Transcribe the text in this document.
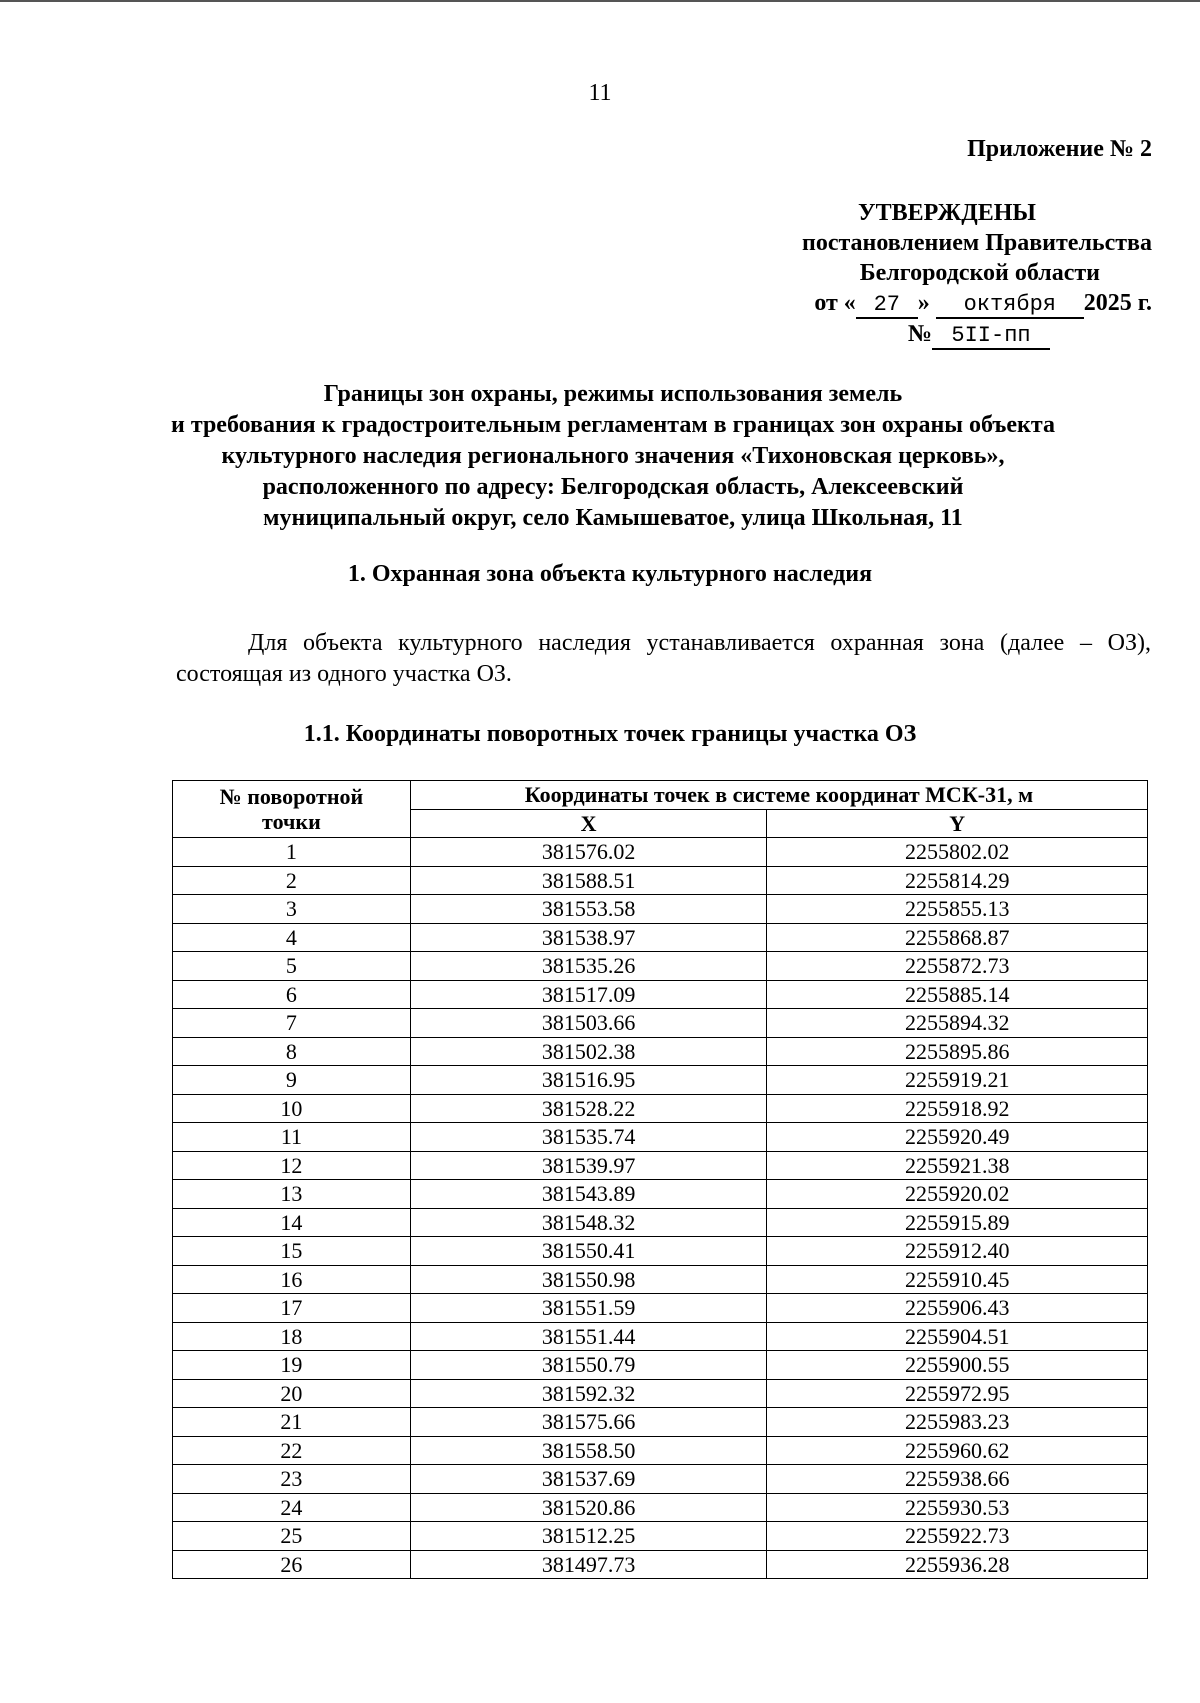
11
Приложение № 2
УТВЕРЖДЕНЫ
постановлением Правительства
Белгородской области
от « 27 » октября 2025 г.
№ 5II-пп
Границы зон охраны, режимы использования земель
и требования к градостроительным регламентам в границах зон охраны объекта
культурного наследия регионального значения «Тихоновская церковь»,
расположенного по адресу: Белгородская область, Алексеевский
муниципальный округ, село Камышеватое, улица Школьная, 11
1. Охранная зона объекта культурного наследия
Для объекта культурного наследия устанавливается охранная зона (далее – ОЗ), состоящая из одного участка ОЗ.
1.1. Координаты поворотных точек границы участка ОЗ
№ поворотной
точки	Координаты точек в системе координат МСК-31, м	
	X	Y
1	381576.02	2255802.02
2	381588.51	2255814.29
3	381553.58	2255855.13
4	381538.97	2255868.87
5	381535.26	2255872.73
6	381517.09	2255885.14
7	381503.66	2255894.32
8	381502.38	2255895.86
9	381516.95	2255919.21
10	381528.22	2255918.92
11	381535.74	2255920.49
12	381539.97	2255921.38
13	381543.89	2255920.02
14	381548.32	2255915.89
15	381550.41	2255912.40
16	381550.98	2255910.45
17	381551.59	2255906.43
18	381551.44	2255904.51
19	381550.79	2255900.55
20	381592.32	2255972.95
21	381575.66	2255983.23
22	381558.50	2255960.62
23	381537.69	2255938.66
24	381520.86	2255930.53
25	381512.25	2255922.73
26	381497.73	2255936.28
